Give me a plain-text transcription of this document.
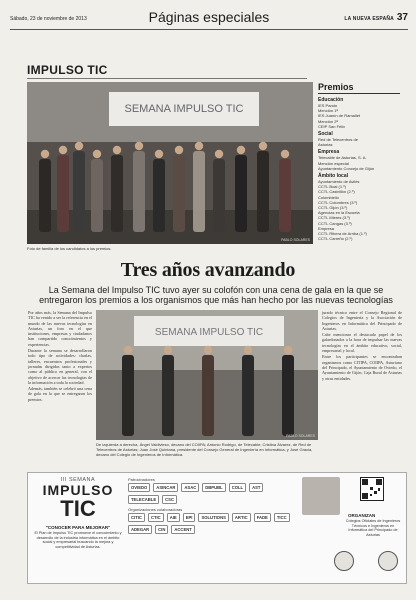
Sábado, 23 de noviembre de 2013	Páginas especiales	LA NUEVA ESPAÑA 37
IMPULSO TIC
SEMANA IMPULSO TIC
PABLO SOLARES
Foto de familia de los candidatos a los premios.
Premios
Educación
IES Pando
Mención 1ª
IES Juanín de Ramallet
Mención 2ª
CEIP San Félix
Social
Red de Telecentros de
Asturias
Empresa
Telecable de Asturias, S. A.
Mención especial
Ayuntamiento Concejo de Gijón
Ámbito local
Ayuntamiento de Avilés
CCTL Boal (1.º)
CCTL Castrillón (2.º)
Colombiello
CCTL Colombres (3.º)
CCTL Gijón (3.º)
Agencias en la Escuela
CCTL Mieres (3.º)
CCTL Cangas (3.º)
Empresa
CCTL Ribera de Arriba (1.º)
CCTL Carreño (2.º)
Tres años avanzando
La Semana del Impulso TIC tuvo ayer su colofón con una cena de gala en la que se entregaron los premios a los organismos que más han hecho por las nuevas tecnologías

Por años más, la Semana del Impulso TIC ha venido a ser la referencia en el mundo de las nuevas tecnologías en Asturias, un foro en el que instituciones, empresas y ciudadanos han compartido conocimientos y experiencias.

Durante la semana se desarrollaron todo tipo de actividades: charlas, talleres, encuentros profesionales y jornadas dirigidas tanto a expertos como al público en general, con el objetivo de acercar las tecnologías de la información a toda la sociedad.

Además, también se celebró una cena de gala en la que se entregaron los premios.

SEMANA IMPULSO TIC
PABLO SOLARES
De izquierda a derecha, Ángel Valdivieso, decano del COIIPA; Antonio Rodrigo, de Telecable; Cristina Álvarez, de Red de Telecentros de Asturias; Juan José Quintana, presidente del Consejo General de Ingeniería en Informática, y José Gracia, decano del Colegio de Ingenieros de Informática.

jurado técnico entre el Consejo Regional de Colegios de Ingeniería y la Asociación de Ingenieros en Informática del Principado de Asturias.

Cabe mencionar el destacado papel de los galardonados a la hora de impulsar las nuevas tecnologías en el ámbito educativo, social, empresarial y local.

Entre los participantes se encontraban organismos como CITIPA, COIIPA, Asturiano del Principado, el Ayuntamiento de Oviedo, el Ayuntamiento de Gijón, Caja Rural de Asturias y otras entidades.

III SEMANA
IMPULSO
TIC
"CONOCER PARA MEJORAR"
El Plan de Impulso TIC promueve el conocimiento y desarrollo de la industria informática en el ámbito social y empresarial buscando la mejora y competitividad de Asturias.
Patrocinadores
OVIEDO	ASINCAR	ASAC	DBPUBL	COLL	AST
TELECABLE	CSC
Organizaciones colaboradoras
CITIC	CTIC	AIE	EPI	SOLUTIONS	ARTIC	FADE	TICC
ADEGAR	CIN	ACCENT
ORGANIZAN
Colegios Oficiales de Ingenieros Técnicos e Ingenieros en Informática del Principado de Asturias
